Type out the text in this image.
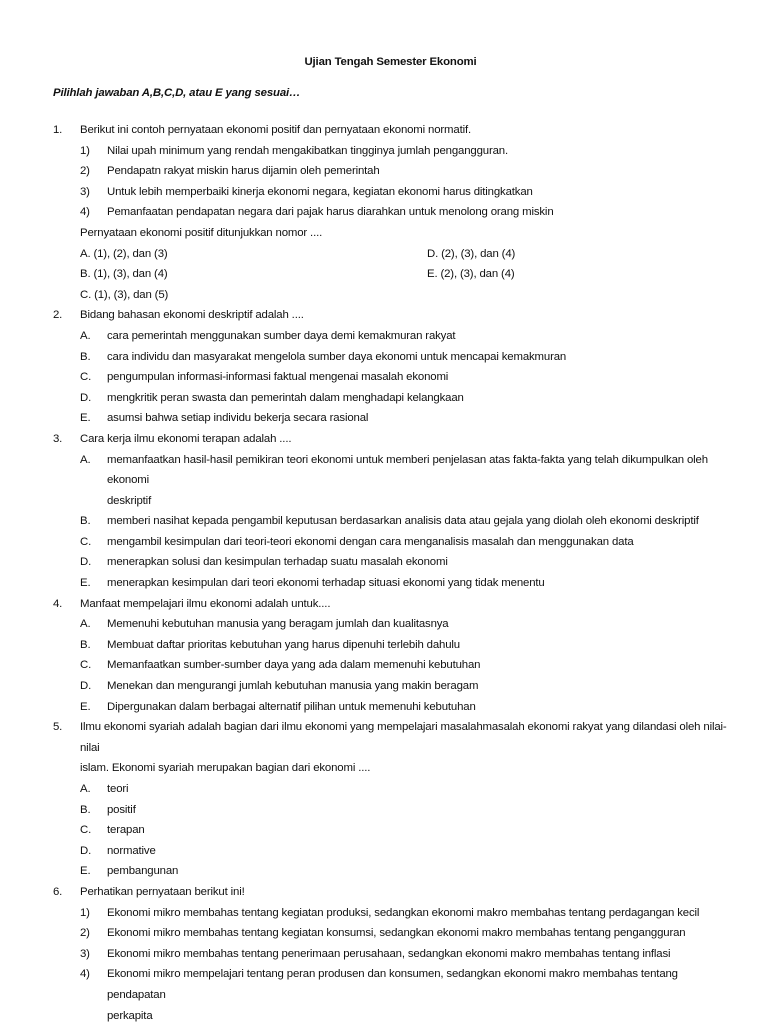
Ujian Tengah Semester Ekonomi
Pilihlah jawaban A,B,C,D, atau E yang sesuai…
1. Berikut ini contoh pernyataan ekonomi positif dan pernyataan ekonomi normatif.
1) Nilai upah minimum yang rendah mengakibatkan tingginya jumlah pengangguran.
2) Pendapatn rakyat miskin harus dijamin oleh pemerintah
3) Untuk lebih memperbaiki kinerja ekonomi negara, kegiatan ekonomi harus ditingkatkan
4) Pemanfaatan pendapatan negara dari pajak harus diarahkan untuk menolong orang miskin
Pernyataan ekonomi positif ditunjukkan nomor ....
A. (1), (2), dan (3)	D. (2), (3), dan (4)
B. (1), (3), dan (4)	E. (2), (3), dan (4)
C. (1), (3), dan (5)
2. Bidang bahasan ekonomi deskriptif adalah ....
A. cara pemerintah menggunakan sumber daya demi kemakmuran rakyat
B. cara individu dan masyarakat mengelola sumber daya ekonomi untuk mencapai kemakmuran
C. pengumpulan informasi-informasi faktual mengenai masalah ekonomi
D. mengkritik peran swasta dan pemerintah dalam menghadapi kelangkaan
E. asumsi bahwa setiap individu bekerja secara rasional
3. Cara kerja ilmu ekonomi terapan adalah ....
A. memanfaatkan hasil-hasil pemikiran teori ekonomi untuk memberi penjelasan atas fakta-fakta yang telah dikumpulkan oleh ekonomi
deskriptif
B. memberi nasihat kepada pengambil keputusan berdasarkan analisis data atau gejala yang diolah oleh ekonomi deskriptif
C. mengambil kesimpulan dari teori-teori ekonomi dengan cara menganalisis masalah dan menggunakan data
D. menerapkan solusi dan kesimpulan terhadap suatu masalah ekonomi
E. menerapkan kesimpulan dari teori ekonomi terhadap situasi ekonomi yang tidak menentu
4. Manfaat mempelajari ilmu ekonomi adalah untuk....
A. Memenuhi kebutuhan manusia yang beragam jumlah dan kualitasnya
B. Membuat daftar prioritas kebutuhan yang harus dipenuhi terlebih dahulu
C. Memanfaatkan sumber-sumber daya yang ada dalam memenuhi kebutuhan
D. Menekan dan mengurangi jumlah kebutuhan manusia yang makin beragam
E. Dipergunakan dalam berbagai alternatif pilihan untuk memenuhi kebutuhan
5. Ilmu ekonomi syariah adalah bagian dari ilmu ekonomi yang mempelajari masalahmasalah ekonomi rakyat yang dilandasi oleh nilai-nilai
islam. Ekonomi syariah merupakan bagian dari ekonomi ....
A. teori
B. positif
C. terapan
D. normative
E. pembangunan
6. Perhatikan pernyataan berikut ini!
1) Ekonomi mikro membahas tentang kegiatan produksi, sedangkan ekonomi makro membahas tentang perdagangan kecil
2) Ekonomi mikro membahas tentang kegiatan konsumsi, sedangkan ekonomi makro membahas tentang pengangguran
3) Ekonomi mikro membahas tentang penerimaan perusahaan, sedangkan ekonomi makro membahas tentang inflasi
4) Ekonomi mikro mempelajari tentang peran produsen dan konsumen, sedangkan ekonomi makro membahas tentang pendapatan
perkapita
